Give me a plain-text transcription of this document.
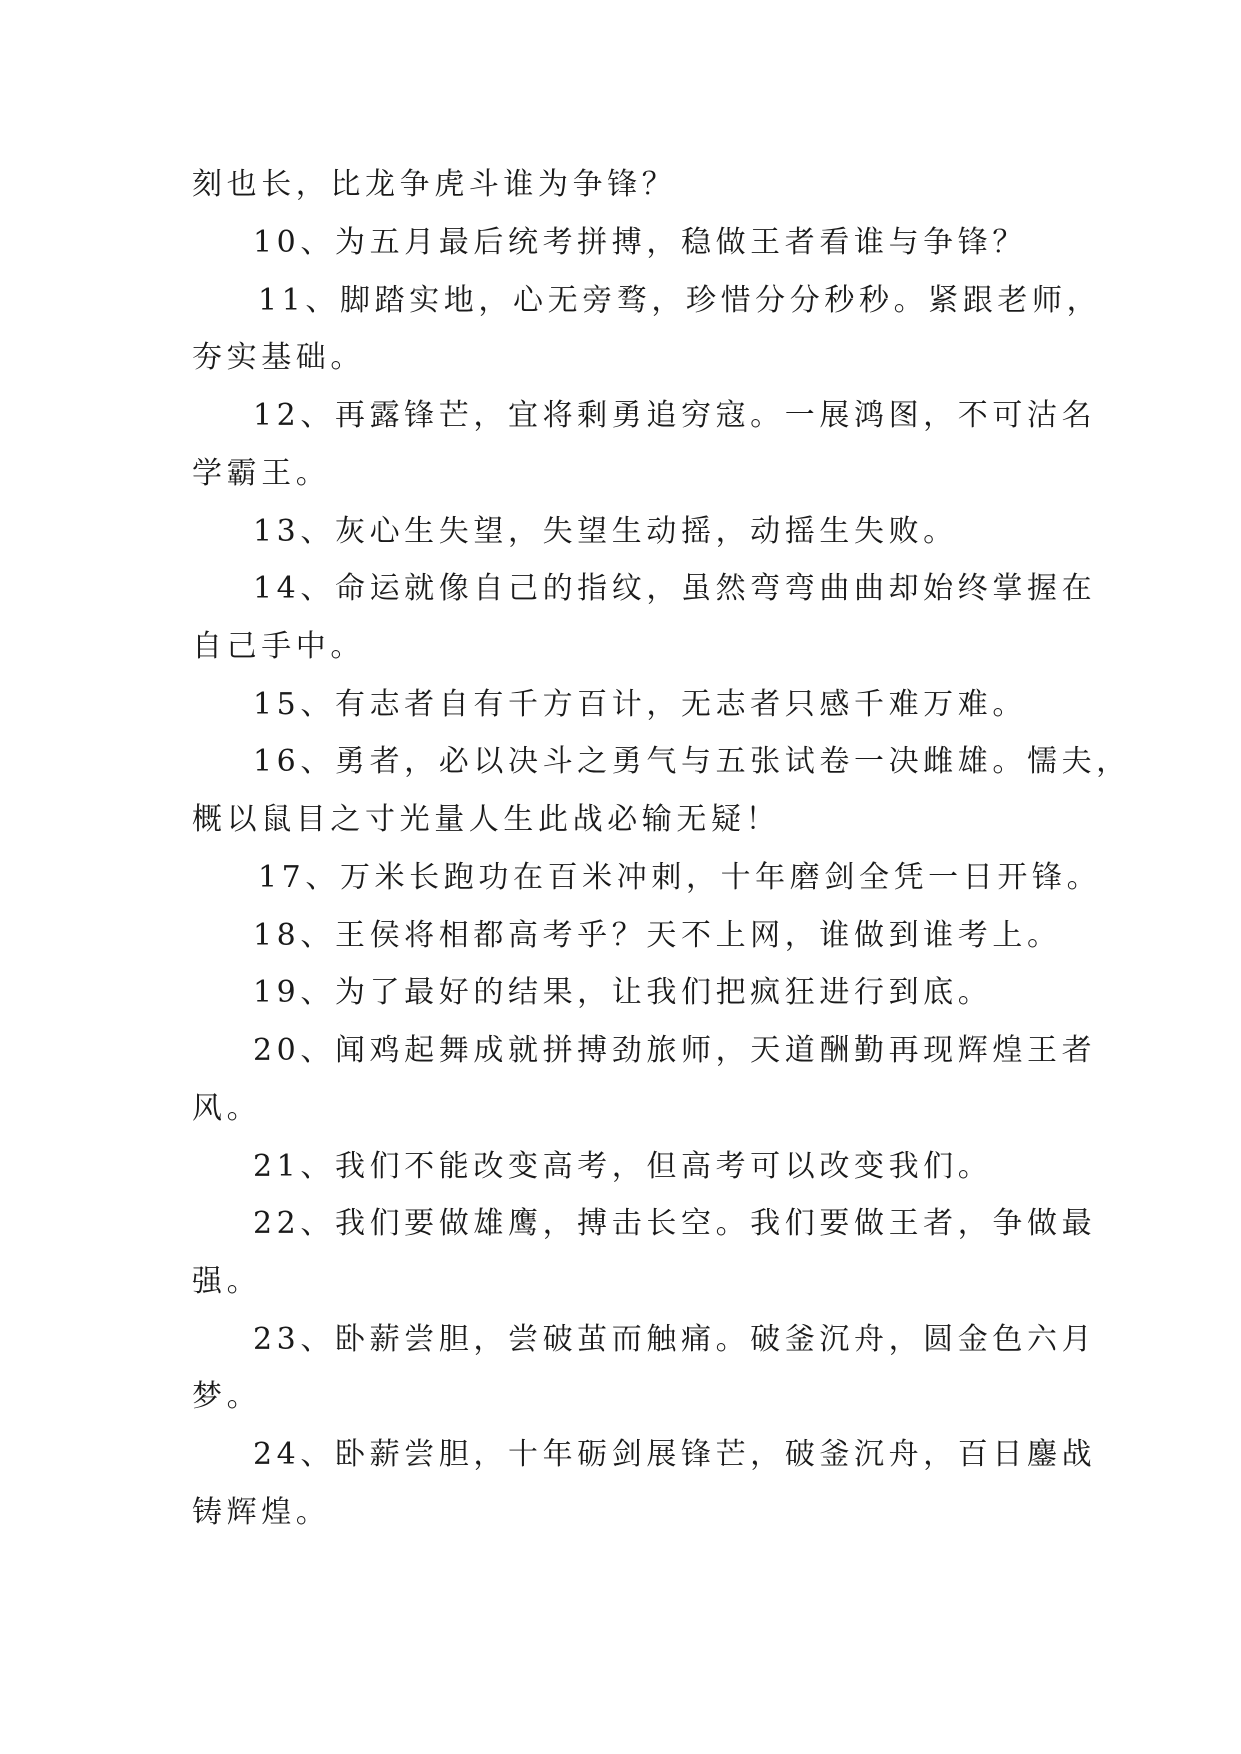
刻也长，比龙争虎斗谁为争锋？
10、为五月最后统考拼搏，稳做王者看谁与争锋？
11、脚踏实地，心无旁骛，珍惜分分秒秒。紧跟老师，
夯实基础。
12、再露锋芒，宜将剩勇追穷寇。一展鸿图，不可沽名
学霸王。
13、灰心生失望，失望生动摇，动摇生失败。
14、命运就像自己的指纹，虽然弯弯曲曲却始终掌握在
自己手中。
15、有志者自有千方百计，无志者只感千难万难。
16、勇者，必以决斗之勇气与五张试卷一决雌雄。懦夫，
概以鼠目之寸光量人生此战必输无疑！
17、万米长跑功在百米冲刺，十年磨剑全凭一日开锋。
18、王侯将相都高考乎？天不上网，谁做到谁考上。
19、为了最好的结果，让我们把疯狂进行到底。
20、闻鸡起舞成就拼搏劲旅师，天道酬勤再现辉煌王者
风。
21、我们不能改变高考，但高考可以改变我们。
22、我们要做雄鹰，搏击长空。我们要做王者，争做最
强。
23、卧薪尝胆，尝破茧而触痛。破釜沉舟，圆金色六月
梦。
24、卧薪尝胆，十年砺剑展锋芒，破釜沉舟，百日鏖战
铸辉煌。
